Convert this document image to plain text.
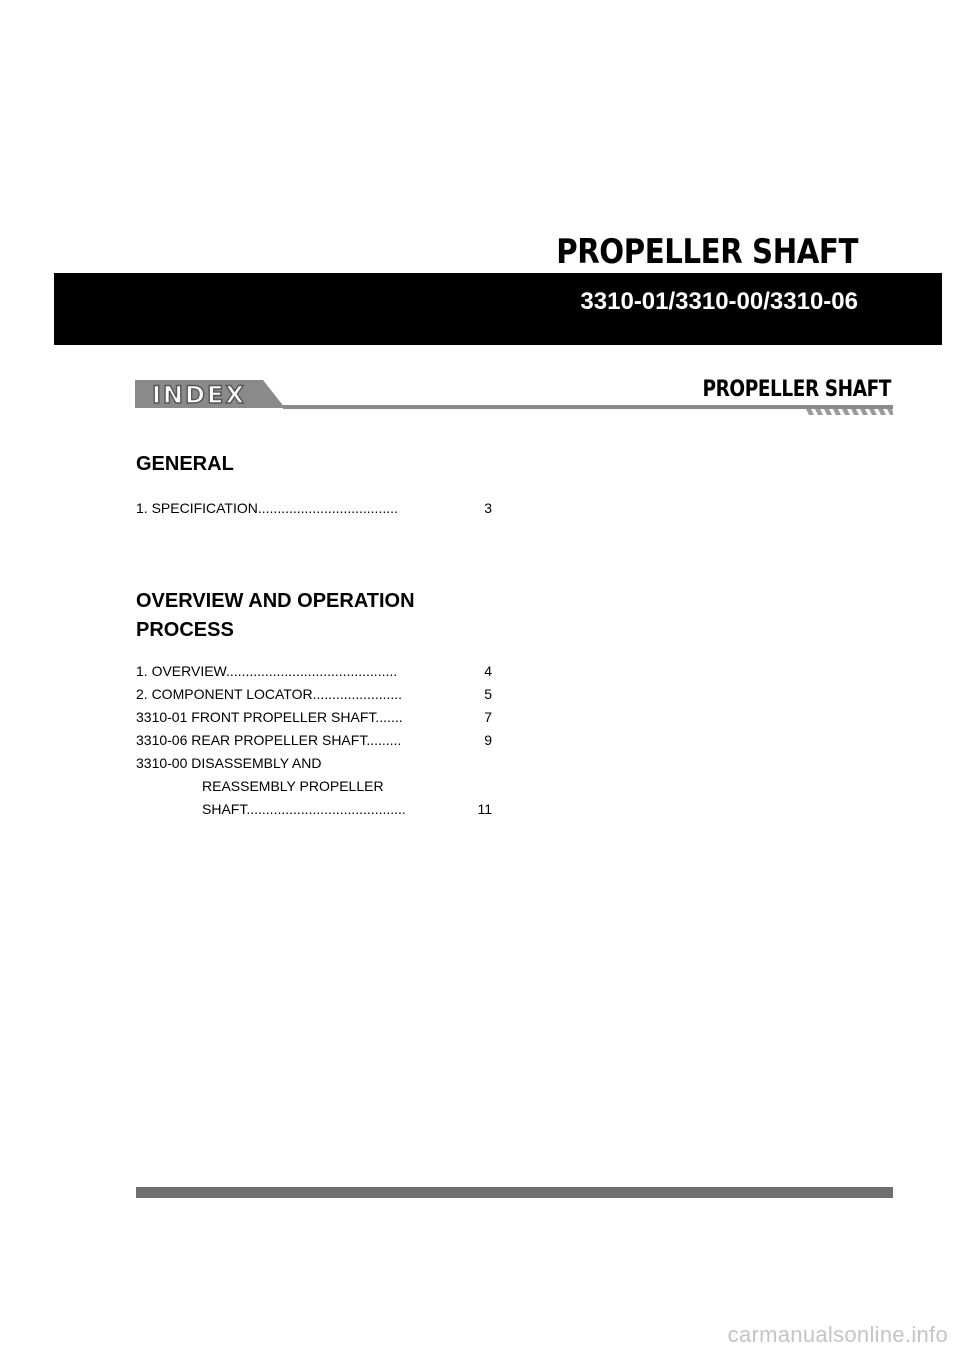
PROPELLER SHAFT
3310-01/3310-00/3310-06
INDEX	PROPELLER SHAFT
GENERAL
1. SPECIFICATION....................................	3
OVERVIEW AND OPERATION
PROCESS
1. OVERVIEW............................................	4
2. COMPONENT LOCATOR.......................	5
3310-01 FRONT PROPELLER SHAFT.......	7
3310-06 REAR PROPELLER SHAFT.........	9
3310-00 DISASSEMBLY AND
REASSEMBLY PROPELLER
SHAFT.........................................	11
carmanualsonline.info
